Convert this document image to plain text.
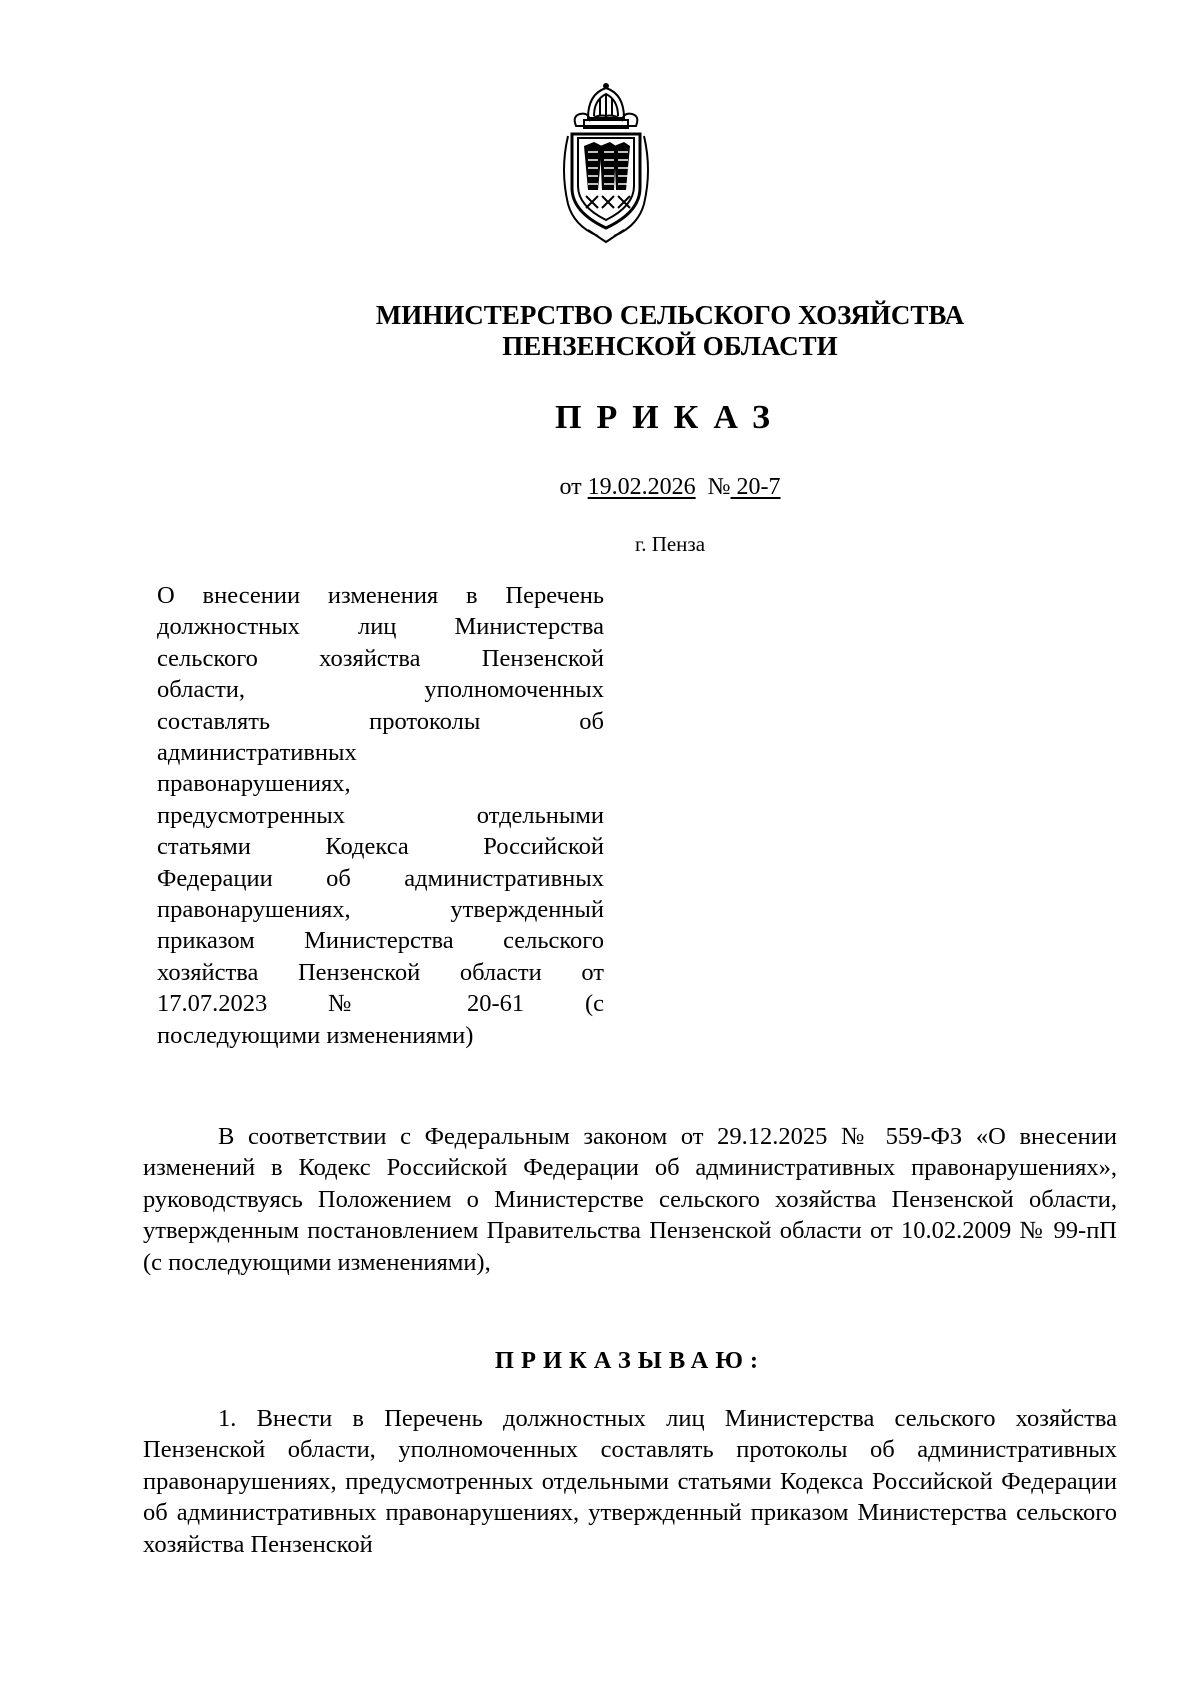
МИНИСТЕРСТВО СЕЛЬСКОГО ХОЗЯЙСТВА
ПЕНЗЕНСКОЙ ОБЛАСТИ
ПРИКАЗ
от 19.02.2026 № 20-7
г. Пенза
О внесении изменения в Перечень
должностных лиц Министерства
сельского хозяйства Пензенской
области, уполномоченных
составлять протоколы об
административных
правонарушениях,
предусмотренных отдельными
статьями Кодекса Российской
Федерации об административных
правонарушениях, утвержденный
приказом Министерства сельского
хозяйства Пензенской области от
17.07.2023 № 20-61 (с
последующими изменениями)

В соответствии с Федеральным законом от 29.12.2025 № 559-ФЗ «О внесении изменений в Кодекс Российской Федерации об административных правонарушениях», руководствуясь Положением о Министерстве сельского хозяйства Пензенской области, утвержденным постановлением Правительства Пензенской области от 10.02.2009 № 99-пП (с последующими изменениями),

ПРИКАЗЫВАЮ:

1. Внести в Перечень должностных лиц Министерства сельского хозяйства Пензенской области, уполномоченных составлять протоколы об административных правонарушениях, предусмотренных отдельными статьями Кодекса Российской Федерации об административных правонарушениях, утвержденный приказом Министерства сельского хозяйства Пензенской
